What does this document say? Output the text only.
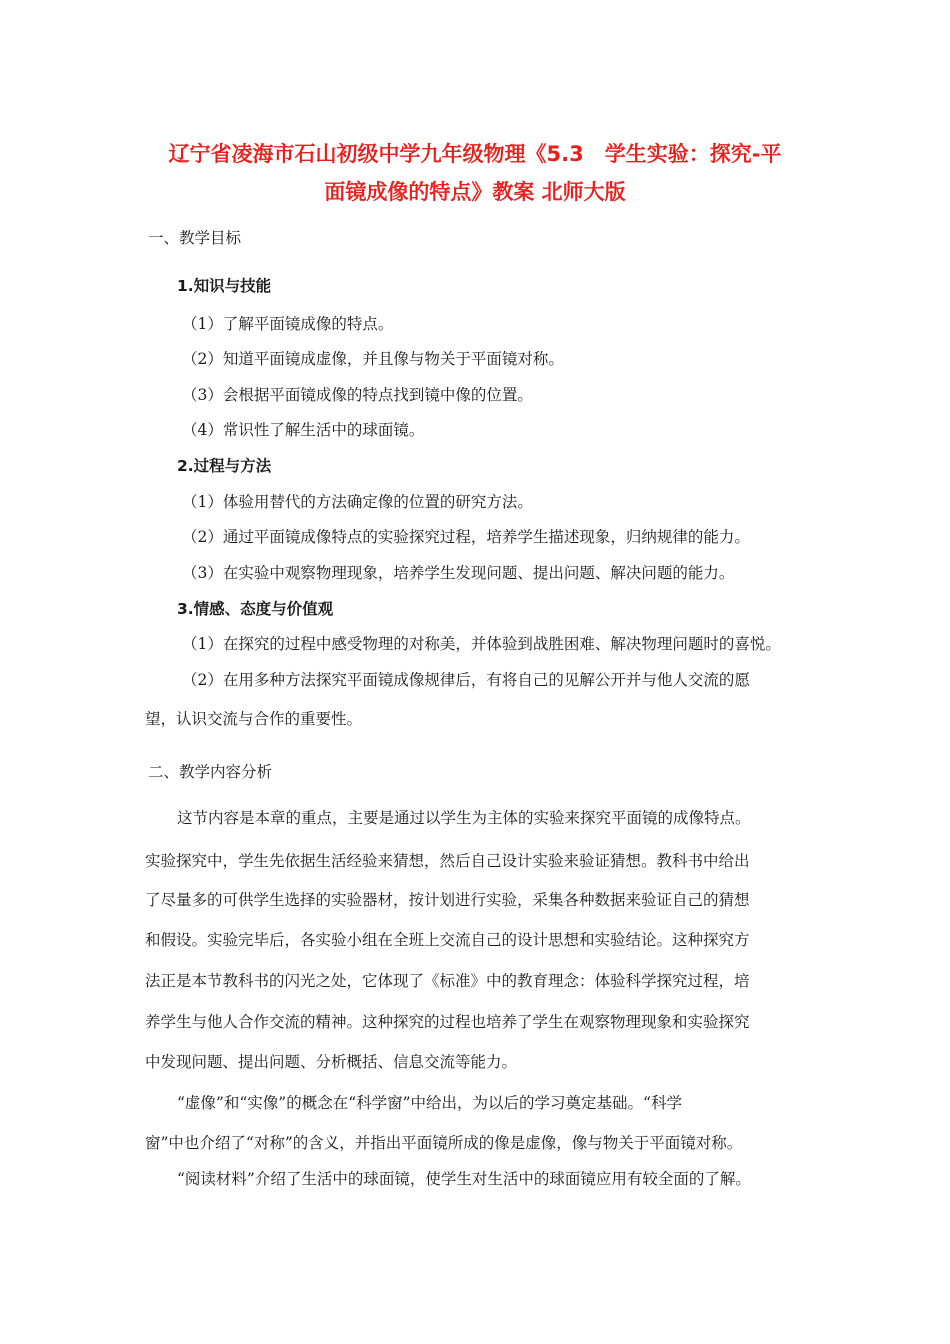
辽宁省凌海市石山初级中学九年级物理《5.3　学生实验：探究-平
面镜成像的特点》教案 北师大版
一、教学目标
1.知识与技能
（1）了解平面镜成像的特点。
（2）知道平面镜成虚像，并且像与物关于平面镜对称。
（3）会根据平面镜成像的特点找到镜中像的位置。
（4）常识性了解生活中的球面镜。
2.过程与方法
（1）体验用替代的方法确定像的位置的研究方法。
（2）通过平面镜成像特点的实验探究过程，培养学生描述现象，归纳规律的能力。
（3）在实验中观察物理现象，培养学生发现问题、提出问题、解决问题的能力。
3.情感、态度与价值观
（1）在探究的过程中感受物理的对称美，并体验到战胜困难、解决物理问题时的喜悦。
（2）在用多种方法探究平面镜成像规律后，有将自己的见解公开并与他人交流的愿
望，认识交流与合作的重要性。
二、教学内容分析
这节内容是本章的重点，主要是通过以学生为主体的实验来探究平面镜的成像特点。
实验探究中，学生先依据生活经验来猜想，然后自己设计实验来验证猜想。教科书中给出
了尽量多的可供学生选择的实验器材，按计划进行实验，采集各种数据来验证自己的猜想
和假设。实验完毕后，各实验小组在全班上交流自己的设计思想和实验结论。这种探究方
法正是本节教科书的闪光之处，它体现了《标准》中的教育理念：体验科学探究过程，培
养学生与他人合作交流的精神。这种探究的过程也培养了学生在观察物理现象和实验探究
中发现问题、提出问题、分析概括、信息交流等能力。
“虚像”和“实像”的概念在“科学窗”中给出，为以后的学习奠定基础。“科学
窗”中也介绍了“对称”的含义，并指出平面镜所成的像是虚像，像与物关于平面镜对称。
“阅读材料”介绍了生活中的球面镜，使学生对生活中的球面镜应用有较全面的了解。
